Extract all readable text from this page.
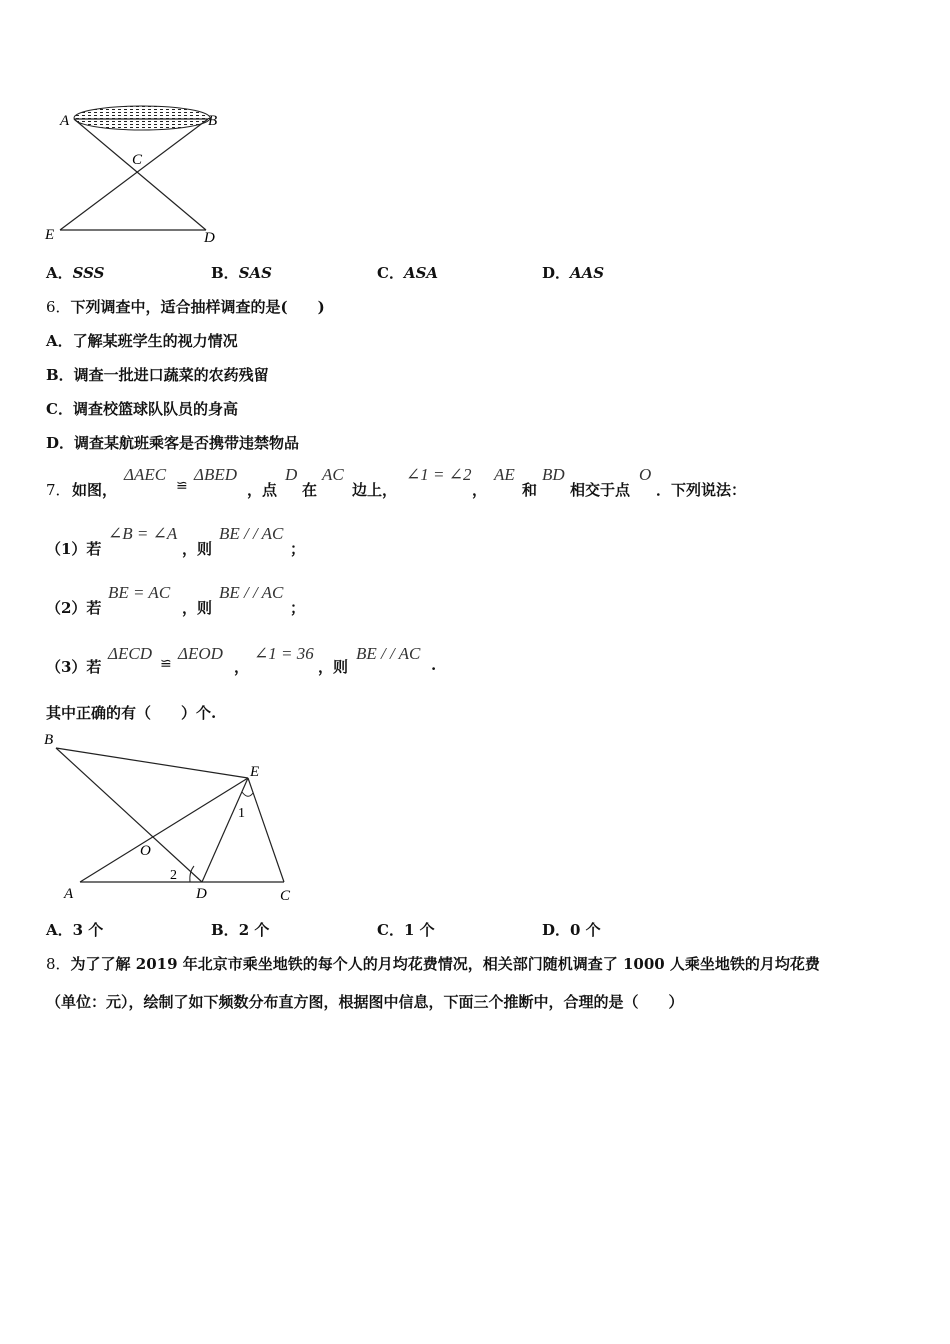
A	B
C
E	D
A．SSS	B．SAS	C．ASA	D．AAS
6．下列调查中，适合抽样调查的是(　　)
A．了解某班学生的视力情况
B．调查一批进口蔬菜的农药残留
C．调查校篮球队队员的身高
D．调查某航班乘客是否携带违禁物品
7． 如图，
ΔAEC
≌
ΔBED
，点
D
在
AC
边上，
∠1 = ∠2
，
AE
和
BD
相交于点
O
．下列说法：
（1）若
∠B = ∠A
，则
BE / / AC
；
（2）若
BE = AC
，则
BE / / AC
；
（3）若
ΔECD
≌
ΔEOD
，
∠1 = 36
，则
BE / / AC
.
其中正确的有（　　）个.
B
E
O
A	D	C
1
2
A．3 个	B．2 个	C．1 个	D．0 个
8．为了了解 2019 年北京市乘坐地铁的每个人的月均花费情况，相关部门随机调查了 1000 人乘坐地铁的月均花费
（单位：元），绘制了如下频数分布直方图，根据图中信息，下面三个推断中，合理的是（　　）
